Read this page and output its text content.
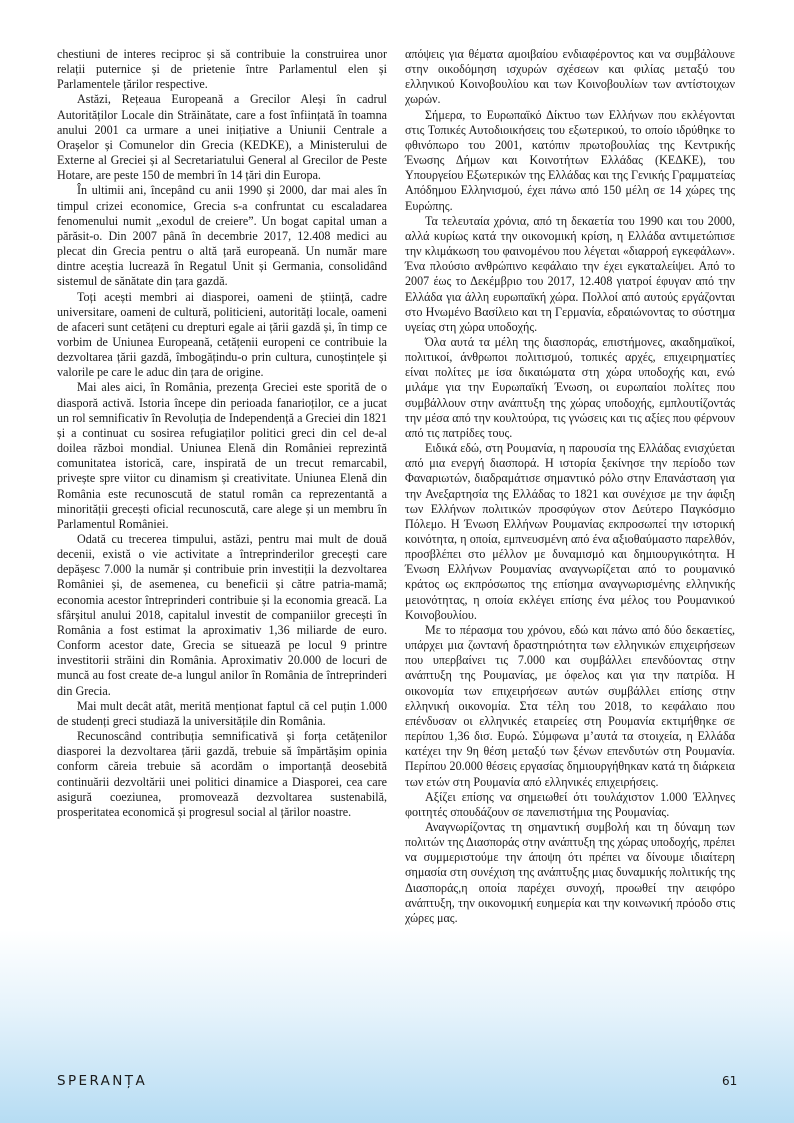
chestiuni de interes reciproc și să contribuie la construirea unor relații puternice și de prietenie între Parlamentul elen și Parlamentele țărilor respective.

Astăzi, Rețeaua Europeană a Grecilor Aleși în cadrul Autorităților Locale din Străinătate, care a fost înființată în toamna anului 2001 ca urmare a unei inițiative a Uniunii Centrale a Orașelor și Comunelor din Grecia (KEDKE), a Ministerului de Externe al Greciei și al Secretariatului General al Grecilor de Peste Hotare, are peste 150 de membri în 14 țări din Europa.

În ultimii ani, începând cu anii 1990 și 2000, dar mai ales în timpul crizei economice, Grecia s-a confruntat cu escaladarea fenomenului numit „exodul de creiere”. Un bogat capital uman a părăsit-o. Din 2007 până în decembrie 2017, 12.408 medici au plecat din Grecia pentru o altă țară europeană. Un număr mare dintre aceștia lucrează în Regatul Unit și Germania, consolidând sistemul de sănătate din țara gazdă.

Toți acești membri ai diasporei, oameni de știință, cadre universitare, oameni de cultură, politicieni, autorități locale, oameni de afaceri sunt cetățeni cu drepturi egale ai țării gazdă și, în timp ce vorbim de Uniunea Europeană, cetățenii europeni ce contribuie la dezvoltarea țării gazdă, îmbogățindu-o prin cultura, cunoștințele și valorile pe care le aduc din țara de origine.

Mai ales aici, în România, prezența Greciei este sporită de o diasporă activă. Istoria începe din perioada fanarioților, ce a jucat un rol semnificativ în Revoluția de Independență a Greciei din 1821 și a continuat cu sosirea refugiaților politici greci din cel de-al doilea război mondial. Uniunea Elenă din României reprezintă comunitatea istorică, care, inspirată de un trecut remarcabil, privește spre viitor cu dinamism și creativitate. Uniunea Elenă din România este recunoscută de statul român ca reprezentantă a minorității grecești oficial recunoscută, care alege și un membru în Parlamentul României.

Odată cu trecerea timpului, astăzi, pentru mai mult de două decenii, există o vie activitate a întreprinderilor grecești care depășesc 7.000 la număr și contribuie prin investiții la dezvoltarea României și, de asemenea, cu beneficii și către patria-mamă; economia acestor întreprinderi contribuie și la economia greacă. La sfârșitul anului 2018, capitalul investit de companiilor grecești în România a fost estimat la aproximativ 1,36 miliarde de euro. Conform acestor date, Grecia se situează pe locul 9 printre investitorii străini din România. Aproximativ 20.000 de locuri de muncă au fost create de-a lungul anilor în România de întreprinderi din Grecia.

Mai mult decât atât, merită menționat faptul că cel puțin 1.000 de studenți greci studiază la universitățile din România.

Recunoscând contribuția semnificativă și forța cetățenilor diasporei la dezvoltarea țării gazdă, trebuie să împărtășim opinia conform căreia trebuie să acordăm o importanță deosebită continuării dezvoltării unei politici dinamice a Diasporei, cea care asigură coeziunea, promovează dezvoltarea sustenabilă, prosperitatea economică și progresul social al țărilor noastre.

απόψεις για θέματα αμοιβαίου ενδιαφέροντος και να συμβάλουνε στην οικοδόμηση ισχυρών σχέσεων και φιλίας μεταξύ του ελληνικού Κοινοβουλίου και των Κοινοβουλίων των αντίστοιχων χωρών.

Σήμερα, το Ευρωπαϊκό Δίκτυο των Ελλήνων που εκλέγονται στις Τοπικές Αυτοδιοικήσεις του εξωτερικού, το οποίο ιδρύθηκε το φθινόπωρο του 2001, κατόπιν πρωτοβουλίας της Κεντρικής Ένωσης Δήμων και Κοινοτήτων Ελλάδας (ΚΕΔΚΕ), του Υπουργείου Εξωτερικών της Ελλάδας και της Γενικής Γραμματείας Απόδημου Ελληνισμού, έχει πάνω από 150 μέλη σε 14 χώρες της Ευρώπης.

Τα τελευταία χρόνια, από τη δεκαετία του 1990 και του 2000, αλλά κυρίως κατά την οικονομική κρίση, η Ελλάδα αντιμετώπισε την κλιμάκωση του φαινομένου που λέγεται «διαρροή εγκεφάλων». Ένα πλούσιο ανθρώπινο κεφάλαιο την έχει εγκαταλείψει. Από το 2007 έως το Δεκέμβριο του 2017, 12.408 γιατροί έφυγαν από την Ελλάδα για άλλη ευρωπαϊκή χώρα. Πολλοί από αυτούς εργάζονται στο Ηνωμένο Βασίλειο και τη Γερμανία, εδραιώνοντας το σύστημα υγείας στη χώρα υποδοχής.

Όλα αυτά τα μέλη της διασποράς, επιστήμονες, ακαδημαϊκοί, πολιτικοί, άνθρωποι πολιτισμού, τοπικές αρχές, επιχειρηματίες είναι πολίτες με ίσα δικαιώματα στη χώρα υποδοχής και, ενώ μιλάμε για την Ευρωπαϊκή Ένωση, οι ευρωπαίοι πολίτες που συμβάλλουν στην ανάπτυξη της χώρας υποδοχής, εμπλουτίζοντάς την μέσα από την κουλτούρα, τις γνώσεις και τις αξίες που φέρνουν από τις πατρίδες τους.

Ειδικά εδώ, στη Ρουμανία, η παρουσία της Ελλάδας ενισχύεται από μια ενεργή διασπορά. Η ιστορία ξεκίνησε την περίοδο των Φαναριωτών, διαδραμάτισε σημαντικό ρόλο στην Επανάσταση για την Ανεξαρτησία της Ελλάδας το 1821 και συνέχισε με την άφιξη των Ελλήνων πολιτικών προσφύγων στον Δεύτερο Παγκόσμιο Πόλεμο. Η Ένωση Ελλήνων Ρουμανίας εκπροσωπεί την ιστορική κοινότητα, η οποία, εμπνευσμένη από ένα αξιοθαύμαστο παρελθόν, προσβλέπει στο μέλλον με δυναμισμό και δημιουργικότητα. Η Ένωση Ελλήνων Ρουμανίας αναγνωρίζεται από το ρουμανικό κράτος ως εκπρόσωπος της επίσημα αναγνωρισμένης ελληνικής μειονότητας, η οποία εκλέγει επίσης ένα μέλος του Ρουμανικού Κοινοβουλίου.

Με το πέρασμα του χρόνου, εδώ και πάνω από δύο δεκαετίες, υπάρχει μια ζωντανή δραστηριότητα των ελληνικών επιχειρήσεων που υπερβαίνει τις 7.000 και συμβάλλει επενδύοντας στην ανάπτυξη της Ρουμανίας, με όφελος και για την πατρίδα. Η οικονομία των επιχειρήσεων αυτών συμβάλλει επίσης στην ελληνική οικονομία. Στα τέλη του 2018, το κεφάλαιο που επένδυσαν οι ελληνικές εταιρείες στη Ρουμανία εκτιμήθηκε σε περίπου 1,36 δισ. Ευρώ. Σύμφωνα μ’αυτά τα στοιχεία, η Ελλάδα κατέχει την 9η θέση μεταξύ των ξένων επενδυτών στη Ρουμανία. Περίπου 20.000 θέσεις εργασίας δημιουργήθηκαν κατά τη διάρκεια των ετών στη Ρουμανία από ελληνικές επιχειρήσεις.

Αξίζει επίσης να σημειωθεί ότι τουλάχιστον 1.000 Έλληνες φοιτητές σπουδάζουν σε πανεπιστήμια της Ρουμανίας.

Αναγνωρίζοντας τη σημαντική συμβολή και τη δύναμη των πολιτών της Διασποράς στην ανάπτυξη της χώρας υποδοχής, πρέπει να συμμεριστούμε την άποψη ότι πρέπει να δίνουμε ιδιαίτερη σημασία στη συνέχιση της ανάπτυξης μιας δυναμικής πολιτικής της Διασποράς,η οποία παρέχει συνοχή, προωθεί την αειφόρο ανάπτυξη, την οικονομική ευημερία και την κοινωνική πρόοδο στις χώρες μας.

SPERANȚA	61
